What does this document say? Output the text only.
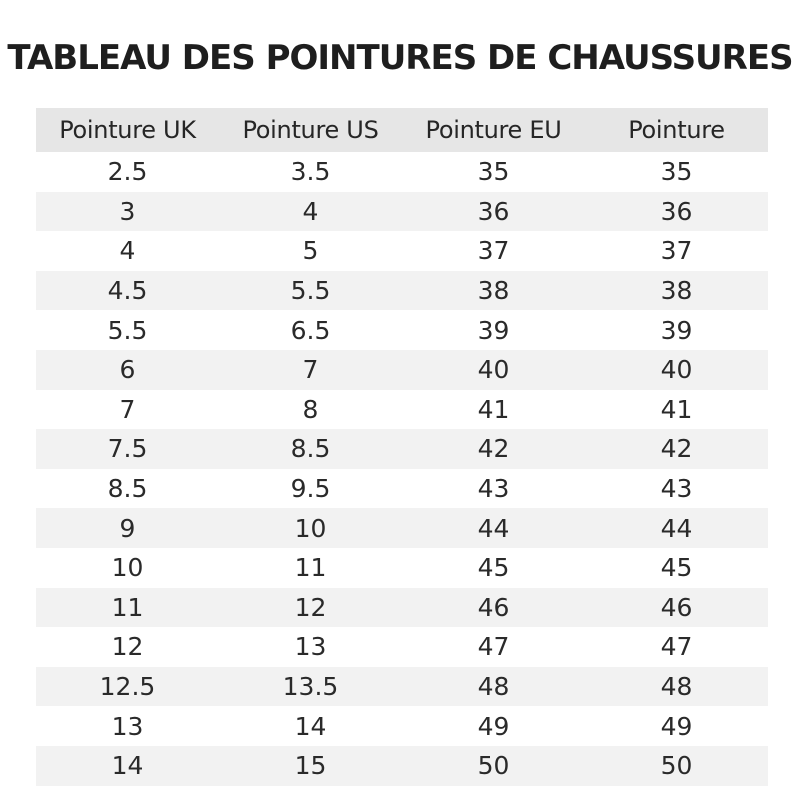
TABLEAU DES POINTURES DE CHAUSSURES
Pointure UK	Pointure US	Pointure EU	Pointure
2.5	3.5	35	35
3	4	36	36
4	5	37	37
4.5	5.5	38	38
5.5	6.5	39	39
6	7	40	40
7	8	41	41
7.5	8.5	42	42
8.5	9.5	43	43
9	10	44	44
10	11	45	45
11	12	46	46
12	13	47	47
12.5	13.5	48	48
13	14	49	49
14	15	50	50
